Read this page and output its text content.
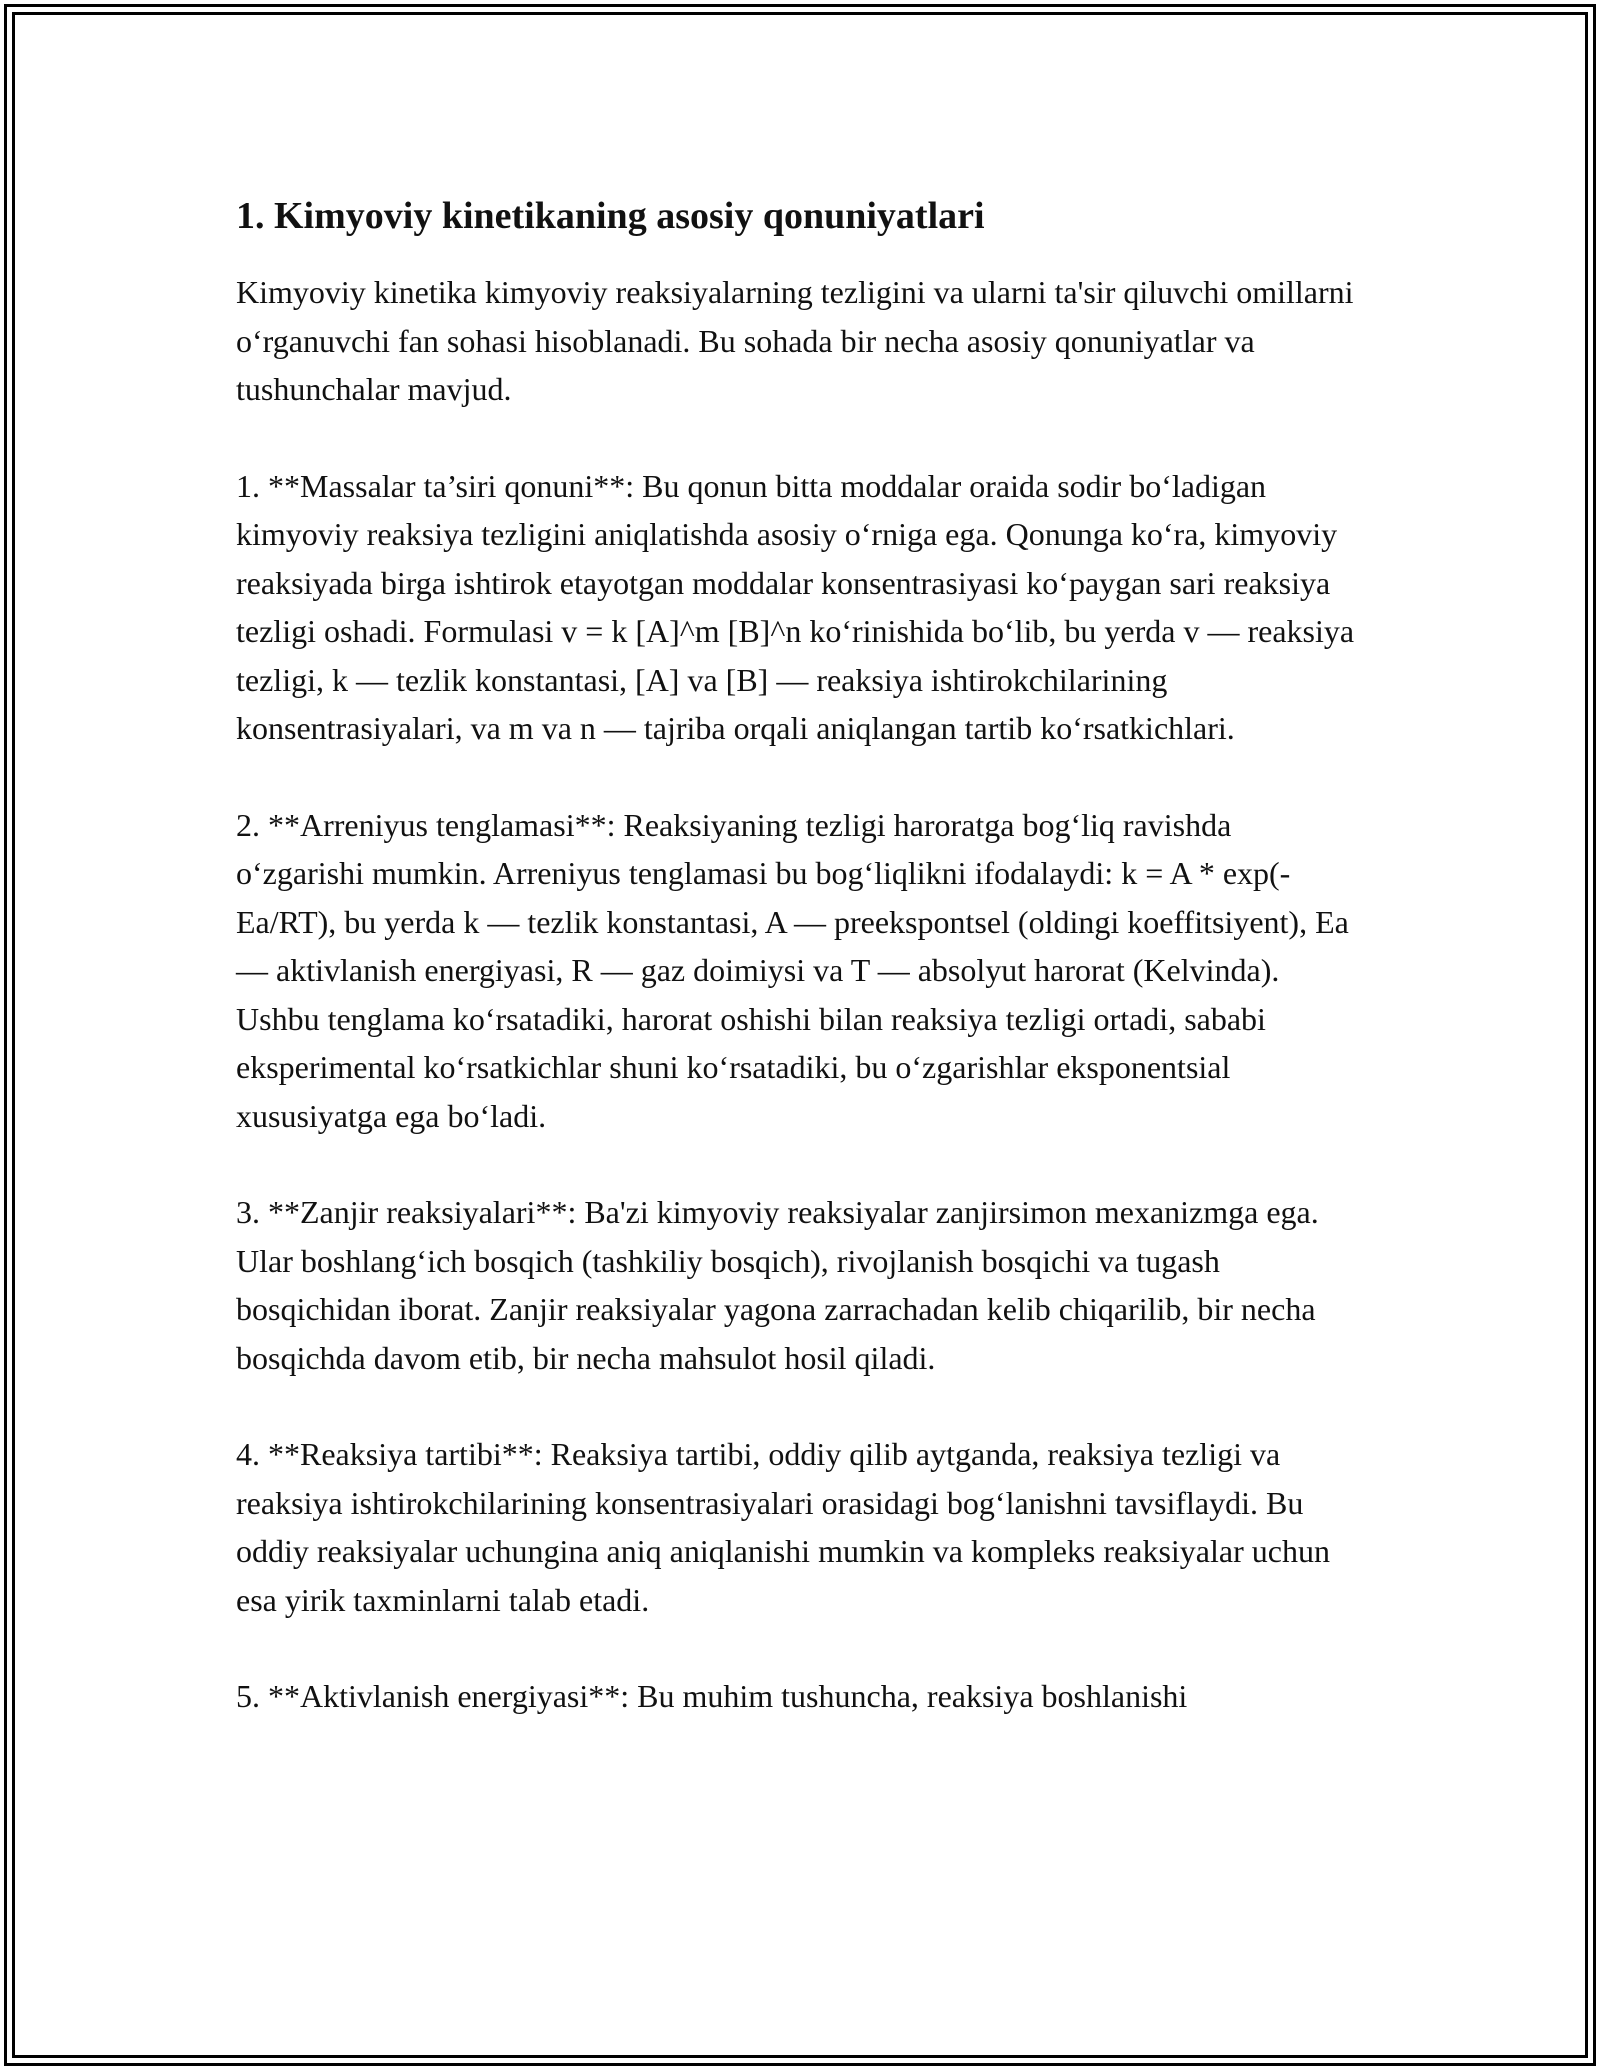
1. Kimyoviy kinetikaning asosiy qonuniyatlari

Kimyoviy kinetika kimyoviy reaksiyalarning tezligini va ularni ta'sir qiluvchi omillarni o‘rganuvchi fan sohasi hisoblanadi. Bu sohada bir necha asosiy qonuniyatlar va tushunchalar mavjud.

1. **Massalar ta’siri qonuni**: Bu qonun bitta moddalar oraida sodir bo‘ladigan kimyoviy reaksiya tezligini aniqlatishda asosiy o‘rniga ega. Qonunga ko‘ra, kimyoviy reaksiyada birga ishtirok etayotgan moddalar konsentrasiyasi ko‘paygan sari reaksiya tezligi oshadi. Formulasi v = k [A]^m [B]^n ko‘rinishida bo‘lib, bu yerda v — reaksiya tezligi, k — tezlik konstantasi, [A] va [B] — reaksiya ishtirokchilarining konsentrasiyalari, va m va n — tajriba orqali aniqlangan tartib ko‘rsatkichlari.

2. **Arreniyus tenglamasi**: Reaksiyaning tezligi haroratga bog‘liq ravishda o‘zgarishi mumkin. Arreniyus tenglamasi bu bog‘liqlikni ifodalaydi: k = A * exp(-Ea/RT), bu yerda k — tezlik konstantasi, A — preekspontsel (oldingi koeffitsiyent), Ea — aktivlanish energiyasi, R — gaz doimiysi va T — absolyut harorat (Kelvinda). Ushbu tenglama ko‘rsatadiki, harorat oshishi bilan reaksiya tezligi ortadi, sababi eksperimental ko‘rsatkichlar shuni ko‘rsatadiki, bu o‘zgarishlar eksponentsial xususiyatga ega bo‘ladi.

3. **Zanjir reaksiyalari**: Ba'zi kimyoviy reaksiyalar zanjirsimon mexanizmga ega. Ular boshlang‘ich bosqich (tashkiliy bosqich), rivojlanish bosqichi va tugash bosqichidan iborat. Zanjir reaksiyalar yagona zarrachadan kelib chiqarilib, bir necha bosqichda davom etib, bir necha mahsulot hosil qiladi.

4. **Reaksiya tartibi**: Reaksiya tartibi, oddiy qilib aytganda, reaksiya tezligi va reaksiya ishtirokchilarining konsentrasiyalari orasidagi bog‘lanishni tavsiflaydi. Bu oddiy reaksiyalar uchungina aniq aniqlanishi mumkin va kompleks reaksiyalar uchun esa yirik taxminlarni talab etadi.

5. **Aktivlanish energiyasi**: Bu muhim tushuncha, reaksiya boshlanishi
